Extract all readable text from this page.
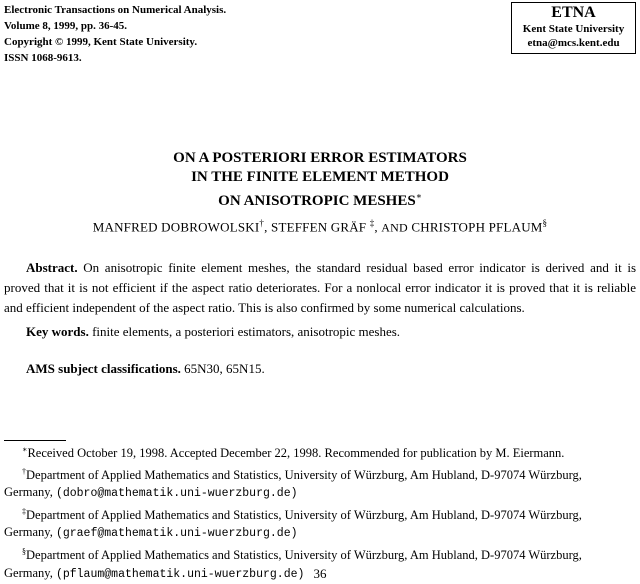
Electronic Transactions on Numerical Analysis.
Volume 8, 1999, pp. 36-45.
Copyright © 1999, Kent State University.
ISSN 1068-9613.
ETNA
Kent State University
etna@mcs.kent.edu
ON A POSTERIORI ERROR ESTIMATORS
IN THE FINITE ELEMENT METHOD
ON ANISOTROPIC MESHES∗
MANFRED DOBROWOLSKI†, STEFFEN GRÄF ‡, AND CHRISTOPH PFLAUM§
Abstract. On anisotropic finite element meshes, the standard residual based error indicator is derived and it is proved that it is not efficient if the aspect ratio deteriorates. For a nonlocal error indicator it is proved that it is reliable and efficient independent of the aspect ratio. This is also confirmed by some numerical calculations.
Key words. finite elements, a posteriori estimators, anisotropic meshes.
AMS subject classifications. 65N30, 65N15.
∗Received October 19, 1998. Accepted December 22, 1998. Recommended for publication by M. Eiermann.
†Department of Applied Mathematics and Statistics, University of Würzburg, Am Hubland, D-97074 Würzburg,
Germany, (dobro@mathematik.uni-wuerzburg.de)
‡Department of Applied Mathematics and Statistics, University of Würzburg, Am Hubland, D-97074 Würzburg,
Germany, (graef@mathematik.uni-wuerzburg.de)
§Department of Applied Mathematics and Statistics, University of Würzburg, Am Hubland, D-97074 Würzburg,
Germany, (pflaum@mathematik.uni-wuerzburg.de) 36
